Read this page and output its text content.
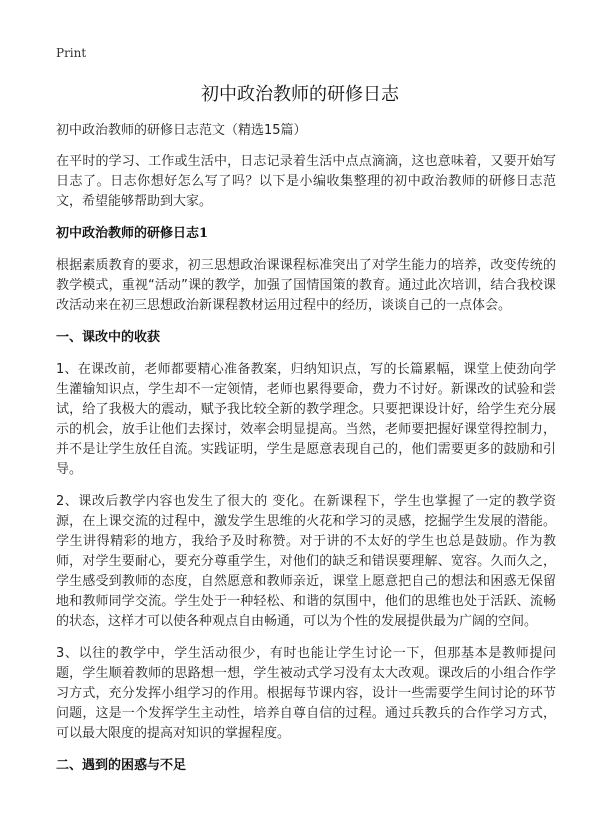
Print
初中政治教师的研修日志
初中政治教师的研修日志范文（精选15篇）

在平时的学习、工作或生活中，日志记录着生活中点点滴滴，这也意味着，又要开始写日志了。日志你想好怎么写了吗？以下是小编收集整理的初中政治教师的研修日志范文，希望能够帮助到大家。

初中政治教师的研修日志1

根据素质教育的要求，初三思想政治课课程标准突出了对学生能力的培养，改变传统的教学模式，重视“活动”课的教学，加强了国情国策的教育。通过此次培训，结合我校课改活动来在初三思想政治新课程教材运用过程中的经历，谈谈自己的一点体会。

一、课改中的收获

1、在课改前，老师都要精心准备教案，归纳知识点，写的长篇累幅，课堂上使劲向学生灌输知识点，学生却不一定领情，老师也累得要命，费力不讨好。新课改的试验和尝试，给了我极大的震动，赋予我比较全新的教学理念。只要把课设计好，给学生充分展示的机会，放手让他们去探讨，效率会明显提高。当然，老师要把握好课堂得控制力，并不是让学生放任自流。实践证明，学生是愿意表现自己的，他们需要更多的鼓励和引导。

2、课改后教学内容也发生了很大的 变化。在新课程下，学生也掌握了一定的教学资源，在上课交流的过程中，激发学生思维的火花和学习的灵感，挖掘学生发展的潜能。学生讲得精彩的地方，我给予及时称赞。对于讲的不太好的学生也总是鼓励。作为教师，对学生要耐心，要充分尊重学生，对他们的缺乏和错误要理解、宽容。久而久之，学生感受到教师的态度，自然愿意和教师亲近，课堂上愿意把自己的想法和困惑无保留地和教师同学交流。学生处于一种轻松、和谐的氛围中，他们的思维也处于活跃、流畅的状态，这样才可以使各种观点自由畅通，可以为个性的发展提供最为广阔的空间。

3、以往的教学中，学生活动很少，有时也能让学生讨论一下，但那基本是教师提问题，学生顺着教师的思路想一想，学生被动式学习没有太大改观。课改后的小组合作学习方式，充分发挥小组学习的作用。根据每节课内容，设计一些需要学生间讨论的环节问题，这是一个发挥学生主动性，培养自尊自信的过程。通过兵教兵的合作学习方式，可以最大限度的提高对知识的掌握程度。

二、遇到的困惑与不足
